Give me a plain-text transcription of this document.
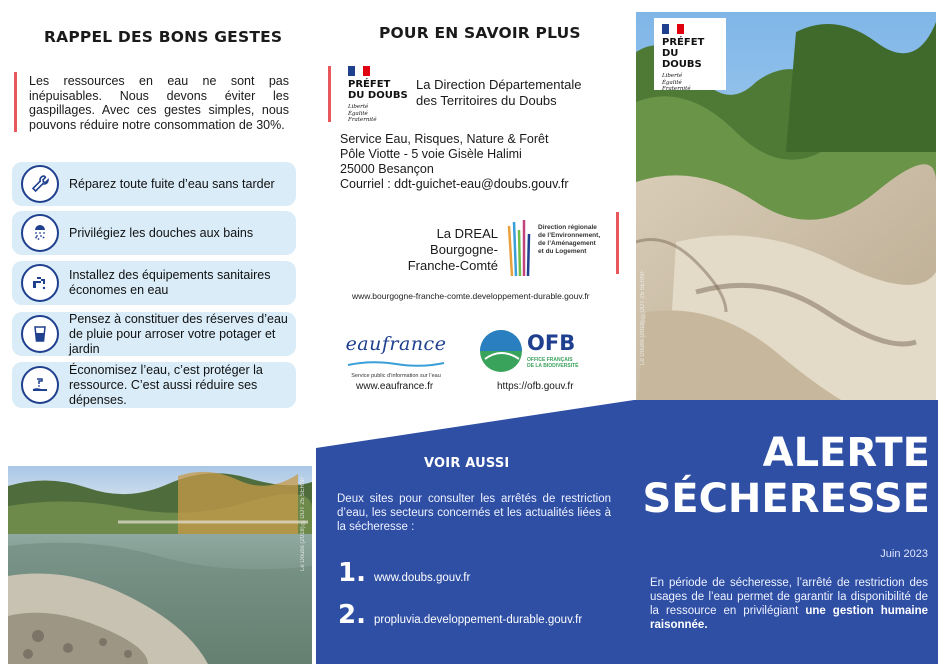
RAPPEL DES BONS GESTES

Les ressources en eau ne sont pas inépuisables. Nous devons éviter les gaspillages. Avec ces gestes simples, nous pouvons réduire notre consommation de 30%.

Réparez toute fuite d’eau sans tarder
Privilégiez les douches aux bains
Installez des équipements sanitaires économes en eau
Pensez à constituer des réserves d’eau de pluie pour arroser votre potager et jardin
Économisez l’eau, c’est protéger la ressource. C’est aussi réduire ses dépenses.
Le Doubs (2018) ©DDT 25 SERNF
POUR EN SAVOIR PLUS
PRÉFET
DU DOUBS
Liberté
Égalité
Fraternité
La Direction Départementale
des Territoires du Doubs
Service Eau, Risques, Nature & Forêt
Pôle Viotte - 5 voie Gisèle Halimi
25000 Besançon
Courriel : ddt-guichet-eau@doubs.gouv.fr
La DREAL
Bourgogne-
Franche-Comté
Direction régionale
de l’Environnement,
de l’Aménagement
et du Logement
www.bourgogne-franche-comte.developpement-durable.gouv.fr
eaufrance
Service public d’information sur l’eau
www.eaufrance.fr
OFB
OFFICE FRANÇAIS
DE LA BIODIVERSITÉ
https://ofb.gouv.fr
VOIR AUSSI

Deux sites pour consulter les arrêtés de restriction d’eau, les secteurs concernés et les actualités liées à la sécheresse :

1. www.doubs.gouv.fr
2. propluvia.developpement-durable.gouv.fr
PRÉFET
DU DOUBS
Liberté
Égalité
Fraternité
Le Doubs (2018) ©DDT 25 SERNF
ALERTE
SÉCHERESSE
Juin 2023

En période de sécheresse, l’arrêté de restriction des usages de l’eau permet de garantir la disponibilité de la ressource en privilégiant une gestion humaine raisonnée.
